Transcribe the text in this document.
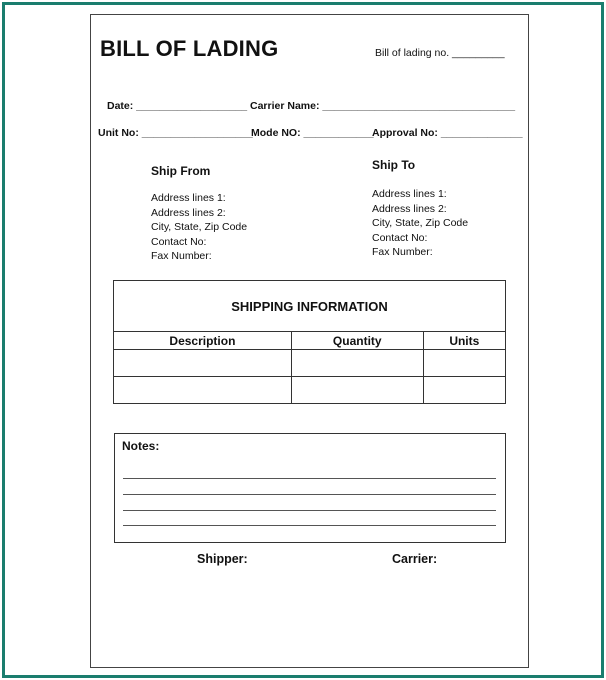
BILL OF LADING	Bill of lading no. _________
Date: ___________________ Carrier Name: _________________________________
Unit No: ___________________
Mode NO: ____________
Approval No: ______________
Ship From
Address lines 1:
Address lines 2:
City, State, Zip Code
Contact No:
Fax Number:
Ship To
Address lines 1:
Address lines 2:
City, State, Zip Code
Contact No:
Fax Number:
SHIPPING INFORMATION		
Description	Quantity	Units

Notes:
Shipper:	Carrier:
